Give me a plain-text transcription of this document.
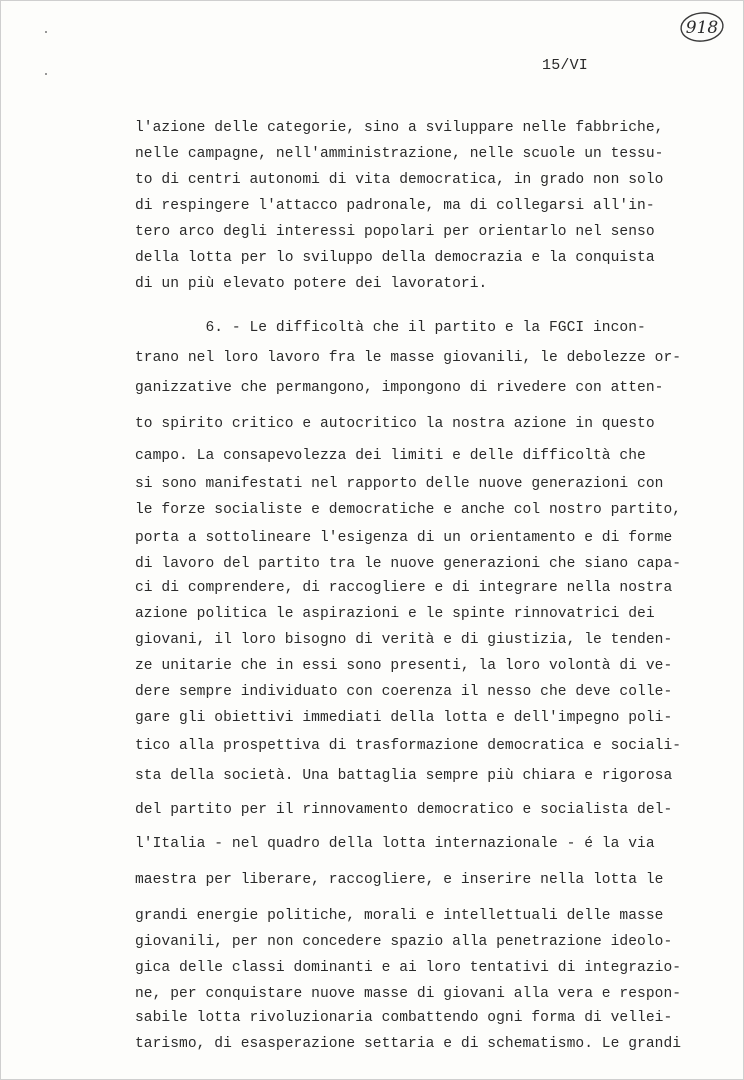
918
15/VI
l'azione delle categorie, sino a sviluppare nelle fabbriche,
nelle campagne, nell'amministrazione, nelle scuole un tessu-
to di centri autonomi di vita democratica, in grado non solo
di respingere l'attacco padronale, ma di collegarsi all'in-
tero arco degli interessi popolari per orientarlo nel senso
della lotta per lo sviluppo della democrazia e la conquista
di un più elevato potere dei lavoratori.
6. - Le difficoltà che il partito e la FGCI incon-
trano nel loro lavoro fra le masse giovanili, le debolezze or-
ganizzative che permangono, impongono di rivedere con atten-
to spirito critico e autocritico la nostra azione in questo
campo. La consapevolezza dei limiti e delle difficoltà che
si sono manifestati nel rapporto delle nuove generazioni con
le forze socialiste e democratiche e anche col nostro partito,
porta a sottolineare l'esigenza di un orientamento e di forme
di lavoro del partito tra le nuove generazioni che siano capa-
ci di comprendere, di raccogliere e di integrare nella nostra
azione politica le aspirazioni e le spinte rinnovatrici dei
giovani, il loro bisogno di verità e di giustizia, le tenden-
ze unitarie che in essi sono presenti, la loro volontà di ve-
dere sempre individuato con coerenza il nesso che deve colle-
gare gli obiettivi immediati della lotta e dell'impegno poli-
tico alla prospettiva di trasformazione democratica e sociali-
sta della società. Una battaglia sempre più chiara e rigorosa
del partito per il rinnovamento democratico e socialista del-
l'Italia - nel quadro della lotta internazionale - é la via
maestra per liberare, raccogliere, e inserire nella lotta le
grandi energie politiche, morali e intellettuali delle masse
giovanili, per non concedere spazio alla penetrazione ideolo-
gica delle classi dominanti e ai loro tentativi di integrazio-
ne, per conquistare nuove masse di giovani alla vera e respon-
sabile lotta rivoluzionaria combattendo ogni forma di vellei-
tarismo, di esasperazione settaria e di schematismo. Le grandi
